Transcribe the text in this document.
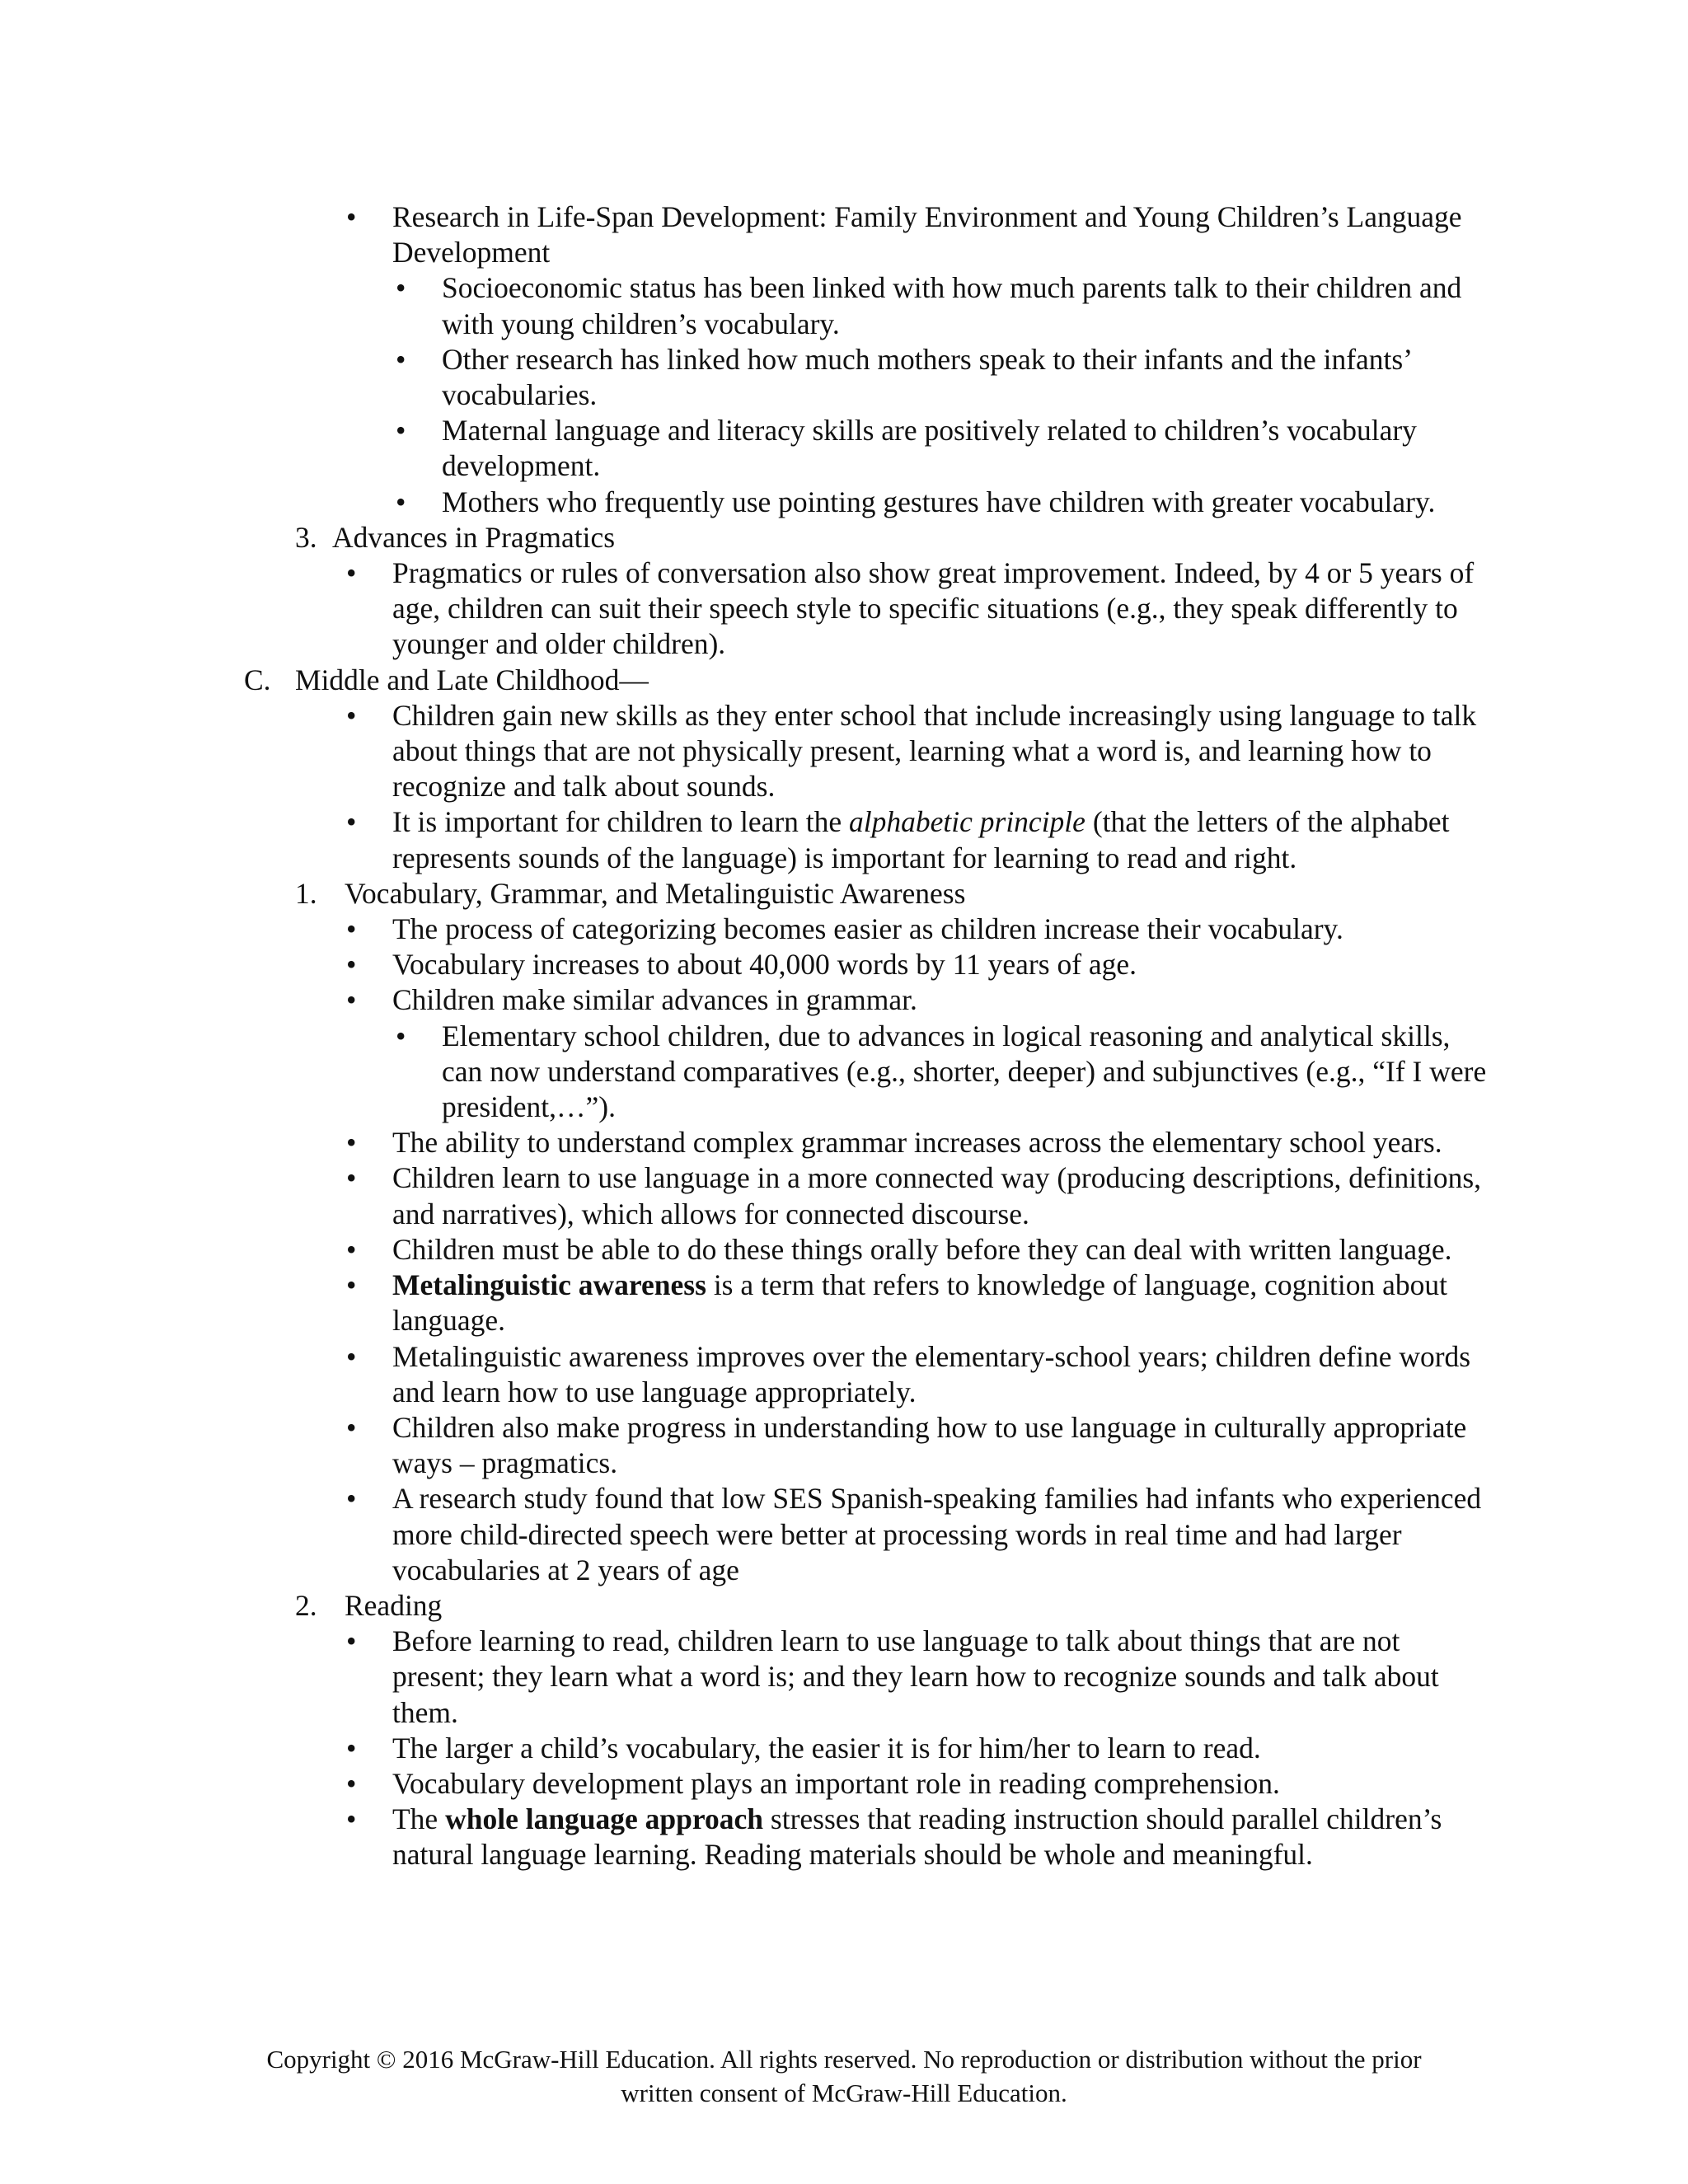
• Research in Life-Span Development: Family Environment and Young Children’s Language Development
• Socioeconomic status has been linked with how much parents talk to their children and with young children’s vocabulary.
• Other research has linked how much mothers speak to their infants and the infants’ vocabularies.
• Maternal language and literacy skills are positively related to children’s vocabulary development.
• Mothers who frequently use pointing gestures have children with greater vocabulary.
3. Advances in Pragmatics
• Pragmatics or rules of conversation also show great improvement. Indeed, by 4 or 5 years of age, children can suit their speech style to specific situations (e.g., they speak differently to younger and older children).
C. Middle and Late Childhood—
• Children gain new skills as they enter school that include increasingly using language to talk about things that are not physically present, learning what a word is, and learning how to recognize and talk about sounds.
• It is important for children to learn the alphabetic principle (that the letters of the alphabet represents sounds of the language) is important for learning to read and right.
1. Vocabulary, Grammar, and Metalinguistic Awareness
• The process of categorizing becomes easier as children increase their vocabulary.
• Vocabulary increases to about 40,000 words by 11 years of age.
• Children make similar advances in grammar.
• Elementary school children, due to advances in logical reasoning and analytical skills, can now understand comparatives (e.g., shorter, deeper) and subjunctives (e.g., “If I were president,…”).
• The ability to understand complex grammar increases across the elementary school years.
• Children learn to use language in a more connected way (producing descriptions, definitions, and narratives), which allows for connected discourse.
• Children must be able to do these things orally before they can deal with written language.
• Metalinguistic awareness is a term that refers to knowledge of language, cognition about language.
• Metalinguistic awareness improves over the elementary-school years; children define words and learn how to use language appropriately.
• Children also make progress in understanding how to use language in culturally appropriate ways – pragmatics.
• A research study found that low SES Spanish-speaking families had infants who experienced more child-directed speech were better at processing words in real time and had larger vocabularies at 2 years of age
2. Reading
• Before learning to read, children learn to use language to talk about things that are not present; they learn what a word is; and they learn how to recognize sounds and talk about them.
• The larger a child’s vocabulary, the easier it is for him/her to learn to read.
• Vocabulary development plays an important role in reading comprehension.
• The whole language approach stresses that reading instruction should parallel children’s natural language learning. Reading materials should be whole and meaningful.
Copyright © 2016 McGraw-Hill Education. All rights reserved. No reproduction or distribution without the prior
written consent of McGraw-Hill Education.
